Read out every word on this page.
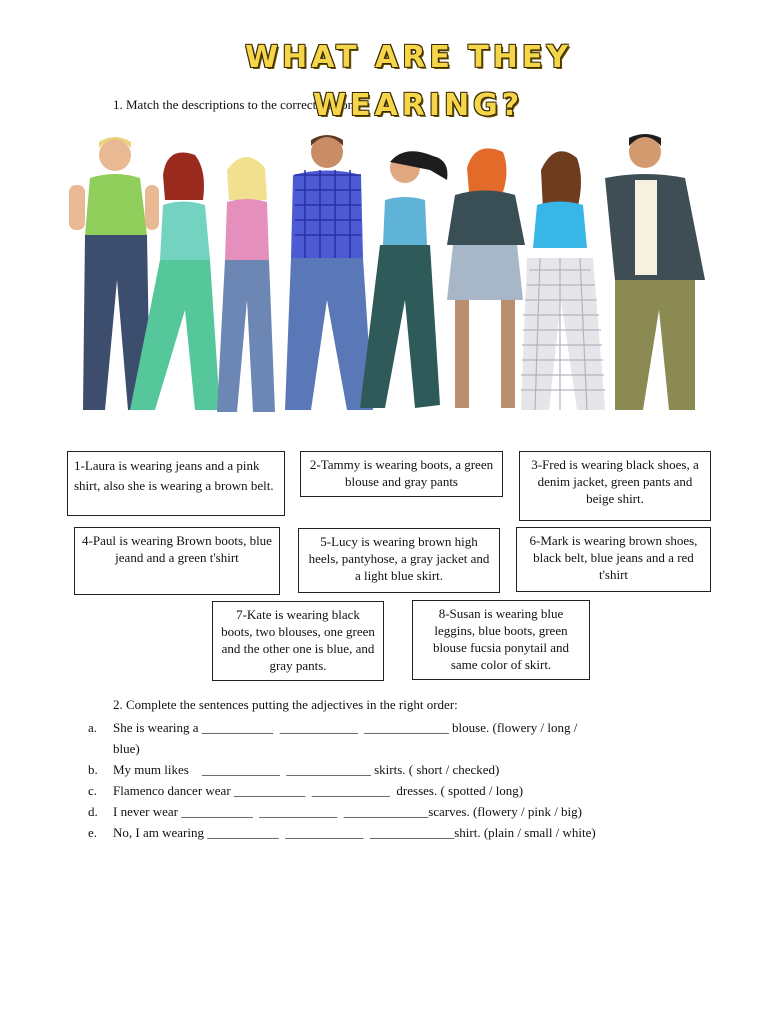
WHAT ARE THEY
1. Match the descriptions to the correct person.
WEARING?
1-Laura is wearing jeans and a pink shirt, also she is wearing a brown belt.
2-Tammy is wearing boots, a green blouse and gray pants
3-Fred is wearing black shoes, a denim jacket, green pants and beige shirt.
4-Paul is wearing Brown boots, blue jeand and a green t'shirt
5-Lucy is wearing brown high heels, pantyhose, a gray jacket and a light blue skirt.
6-Mark is wearing brown shoes, black belt, blue jeans and a red t'shirt
7-Kate is wearing black boots, two blouses, one green and the other one is blue, and gray pants.
8-Susan is wearing blue leggins, blue boots, green blouse fucsia ponytail and same color of skirt.
2. Complete the sentences putting the adjectives in the right order:
a.	She is wearing a ___________  ____________  _____________ blouse. (flowery / long /
blue)
b.	My mum likes    ____________  _____________ skirts. ( short / checked)
c.	Flamenco dancer wear ___________  ____________  dresses. ( spotted / long)
d.	I never wear ___________  ____________  _____________scarves. (flowery / pink / big)
e.	No, I am wearing ___________  ____________  _____________shirt. (plain / small / white)
